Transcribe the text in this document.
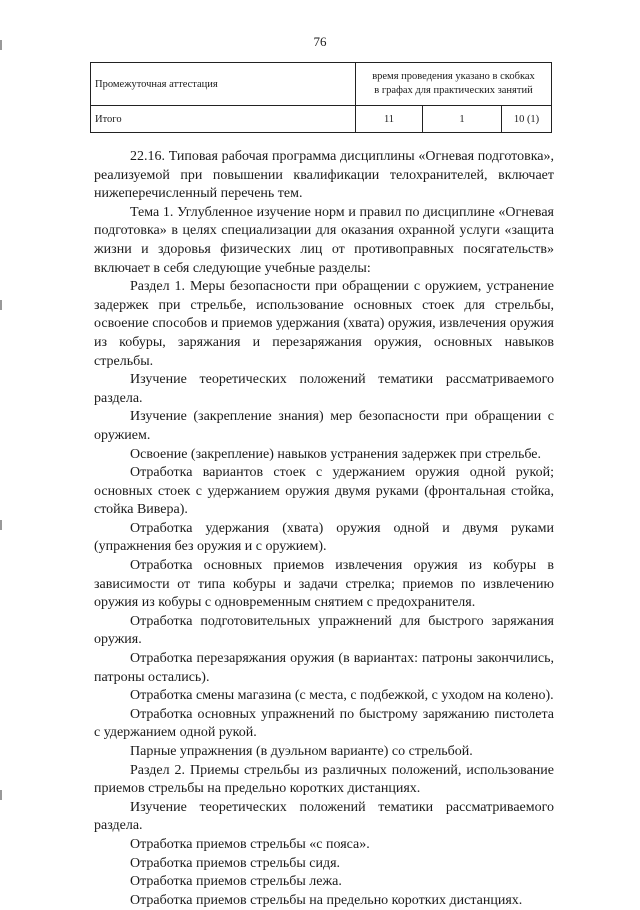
76
Промежуточная аттестация	время проведения указано в скобках
в графах для практических занятий		
Итого	11	1	10 (1)

22.16. Типовая рабочая программа дисциплины «Огневая подготовка», реализуемой при повышении квалификации телохранителей, включает нижеперечисленный перечень тем.

Тема 1. Углубленное изучение норм и правил по дисциплине «Огневая подготовка» в целях специализации для оказания охранной услуги «защита жизни и здоровья физических лиц от противоправных посягательств» включает в себя следующие учебные разделы:

Раздел 1. Меры безопасности при обращении с оружием, устранение задержек при стрельбе, использование основных стоек для стрельбы, освоение способов и приемов удержания (хвата) оружия, извлечения оружия из кобуры, заряжания и перезаряжания оружия, основных навыков стрельбы.

Изучение теоретических положений тематики рассматриваемого раздела.

Изучение (закрепление знания) мер безопасности при обращении с оружием.

Освоение (закрепление) навыков устранения задержек при стрельбе.

Отработка вариантов стоек с удержанием оружия одной рукой; основных стоек с удержанием оружия двумя руками (фронтальная стойка, стойка Вивера).

Отработка удержания (хвата) оружия одной и двумя руками (упражнения без оружия и с оружием).

Отработка основных приемов извлечения оружия из кобуры в зависимости от типа кобуры и задачи стрелка; приемов по извлечению оружия из кобуры с одновременным снятием с предохранителя.

Отработка подготовительных упражнений для быстрого заряжания оружия.

Отработка перезаряжания оружия (в вариантах: патроны закончились, патроны остались).

Отработка смены магазина (с места, с подбежкой, с уходом на колено).

Отработка основных упражнений по быстрому заряжанию пистолета с удержанием одной рукой.

Парные упражнения (в дуэльном варианте) со стрельбой.

Раздел 2. Приемы стрельбы из различных положений, использование приемов стрельбы на предельно коротких дистанциях.

Изучение теоретических положений тематики рассматриваемого раздела.

Отработка приемов стрельбы «с пояса».

Отработка приемов стрельбы сидя.

Отработка приемов стрельбы лежа.

Отработка приемов стрельбы на предельно коротких дистанциях.
